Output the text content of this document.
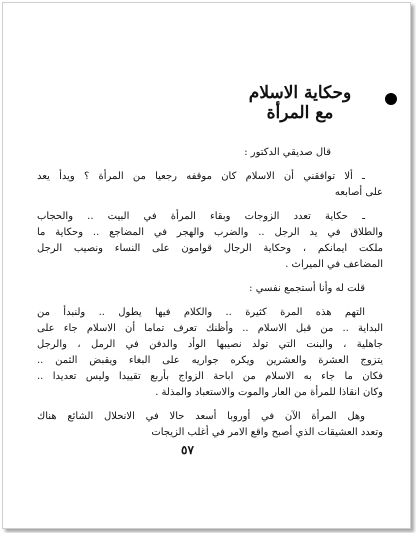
وحكاية الاسلام
مع المرأة
قال صديقي الدكتور :
ـ ألا توافقني أن الاسلام كان موقفه رجعيا من المرأة ؟ ويدأ يعد
على أصابعه
ـ حكاية تعدد الزوجات وبقاء المرأة في البيت .. والحجاب
والطلاق في يد الرجل .. والضرب والهجر في المضاجع .. وحكاية ما
ملكت ايمانكم ، وحكاية الرجال قوامون على النساء ونصيب الرجل
المضاعف في الميراث .
قلت له وأنا أستجمع نفسي :
التهم هذه المرة كثيرة .. والكلام فيها يطول .. ولنبدأ من
البداية .. من قبل الاسلام .. وأظنك تعرف تماما أن الاسلام جاء على
جاهلية ، والبنت التي تولد نصيبها الوأد والدفن في الرمل ، والرجل
يتزوج العشرة والعشرين ويكره جواريه على البغاء ويقبض الثمن ..
فكان ما جاء به الاسلام من اباحة الزواج بأربع تقييدا وليس تعديدا ..
وكان انقاذا للمرأة من العار والموت والاستعباد والمذلة .
وهل المرأة الآن في أوروبا أسعد حالا في الانحلال الشائع هناك
وتعدد العشيقات الذي أصبح واقع الامر في أغلب الزيجات
٥٧
